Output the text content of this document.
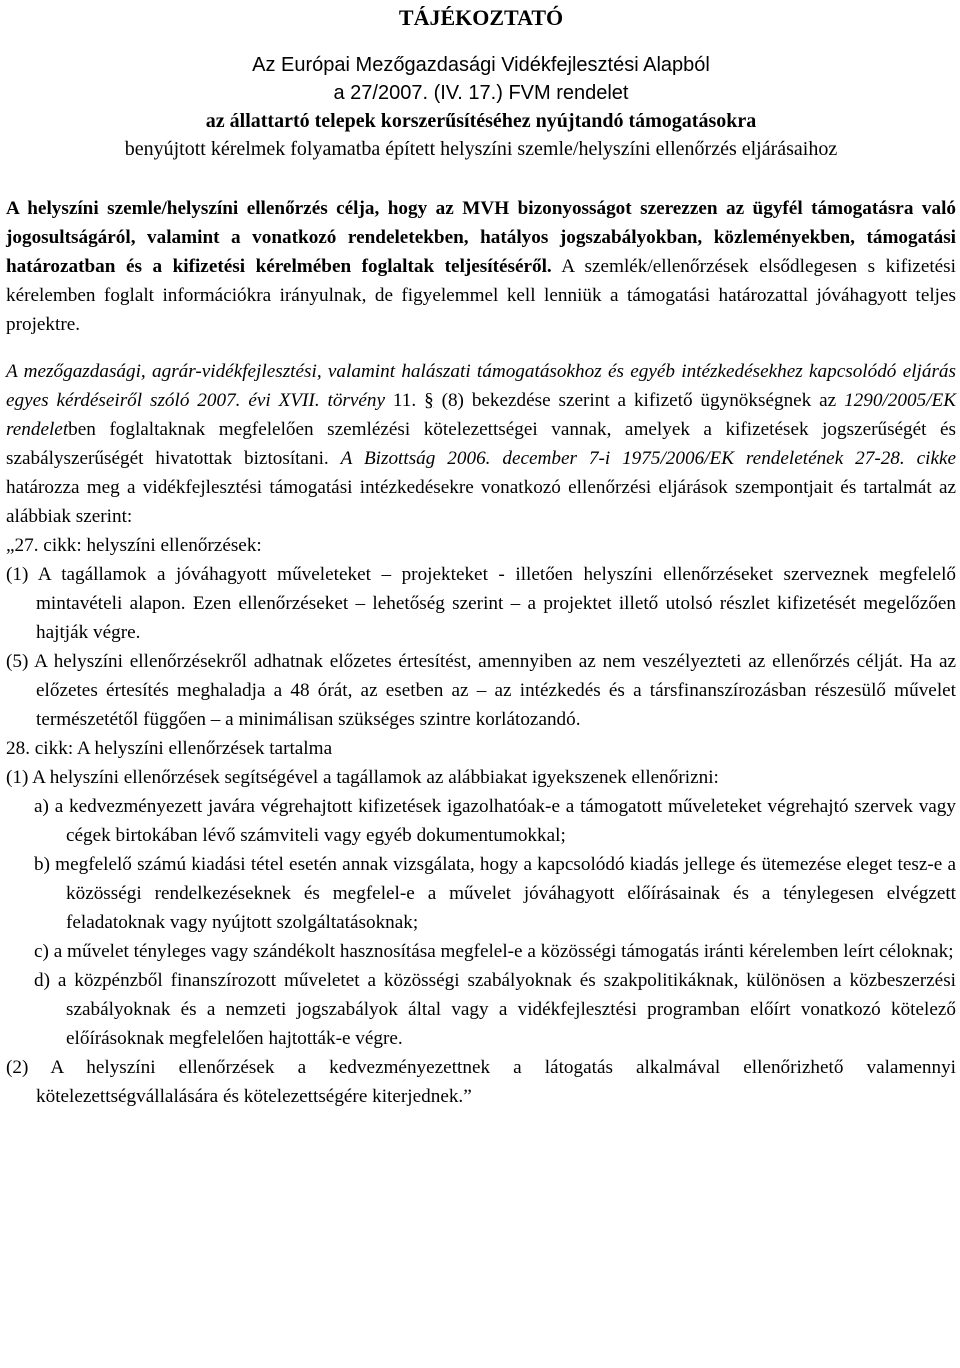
TÁJÉKOZTATÓ
Az Európai Mezőgazdasági Vidékfejlesztési Alapból
a 27/2007. (IV. 17.) FVM rendelet
az állattartó telepek korszerűsítéséhez nyújtandó támogatásokra
benyújtott kérelmek folyamatba épített helyszíni szemle/helyszíni ellenőrzés eljárásaihoz

A helyszíni szemle/helyszíni ellenőrzés célja, hogy az MVH bizonyosságot szerezzen az ügyfél támogatásra való jogosultságáról, valamint a vonatkozó rendeletekben, hatályos jogszabályokban, közleményekben, támogatási határozatban és a kifizetési kérelmében foglaltak teljesítéséről. A szemlék/ellenőrzések elsődlegesen s kifizetési kérelemben foglalt információkra irányulnak, de figyelemmel kell lenniük a támogatási határozattal jóváhagyott teljes projektre.

A mezőgazdasági, agrár-vidékfejlesztési, valamint halászati támogatásokhoz és egyéb intézkedésekhez kapcsolódó eljárás egyes kérdéseiről szóló 2007. évi XVII. törvény 11. § (8) bekezdése szerint a kifizető ügynökségnek az 1290/2005/EK rendeletben foglaltaknak megfelelően szemlézési kötelezettségei vannak, amelyek a kifizetések jogszerűségét és szabályszerűségét hivatottak biztosítani. A Bizottság 2006. december 7-i 1975/2006/EK rendeletének 27-28. cikke határozza meg a vidékfejlesztési támogatási intézkedésekre vonatkozó ellenőrzési eljárások szempontjait és tartalmát az alábbiak szerint:

„27. cikk: helyszíni ellenőrzések:

(1) A tagállamok a jóváhagyott műveleteket – projekteket - illetően helyszíni ellenőrzéseket szerveznek megfelelő mintavételi alapon. Ezen ellenőrzéseket – lehetőség szerint – a projektet illető utolsó részlet kifizetését megelőzően hajtják végre.

(5) A helyszíni ellenőrzésekről adhatnak előzetes értesítést, amennyiben az nem veszélyezteti az ellenőrzés célját. Ha az előzetes értesítés meghaladja a 48 órát, az esetben az – az intézkedés és a társfinanszírozásban részesülő művelet természetétől függően – a minimálisan szükséges szintre korlátozandó.

28. cikk: A helyszíni ellenőrzések tartalma

(1) A helyszíni ellenőrzések segítségével a tagállamok az alábbiakat igyekszenek ellenőrizni:

a) a kedvezményezett javára végrehajtott kifizetések igazolhatóak-e a támogatott műveleteket végrehajtó szervek vagy cégek birtokában lévő számviteli vagy egyéb dokumentumokkal;

b) megfelelő számú kiadási tétel esetén annak vizsgálata, hogy a kapcsolódó kiadás jellege és ütemezése eleget tesz-e a közösségi rendelkezéseknek és megfelel-e a művelet jóváhagyott előírásainak és a ténylegesen elvégzett feladatoknak vagy nyújtott szolgáltatásoknak;

c) a művelet tényleges vagy szándékolt hasznosítása megfelel-e a közösségi támogatás iránti kérelemben leírt céloknak;

d) a közpénzből finanszírozott műveletet a közösségi szabályoknak és szakpolitikáknak, különösen a közbeszerzési szabályoknak és a nemzeti jogszabályok által vagy a vidékfejlesztési programban előírt vonatkozó kötelező előírásoknak megfelelően hajtották-e végre.

(2) A helyszíni ellenőrzések a kedvezményezettnek a látogatás alkalmával ellenőrizhető valamennyi kötelezettségvállalására és kötelezettségére kiterjednek.”
